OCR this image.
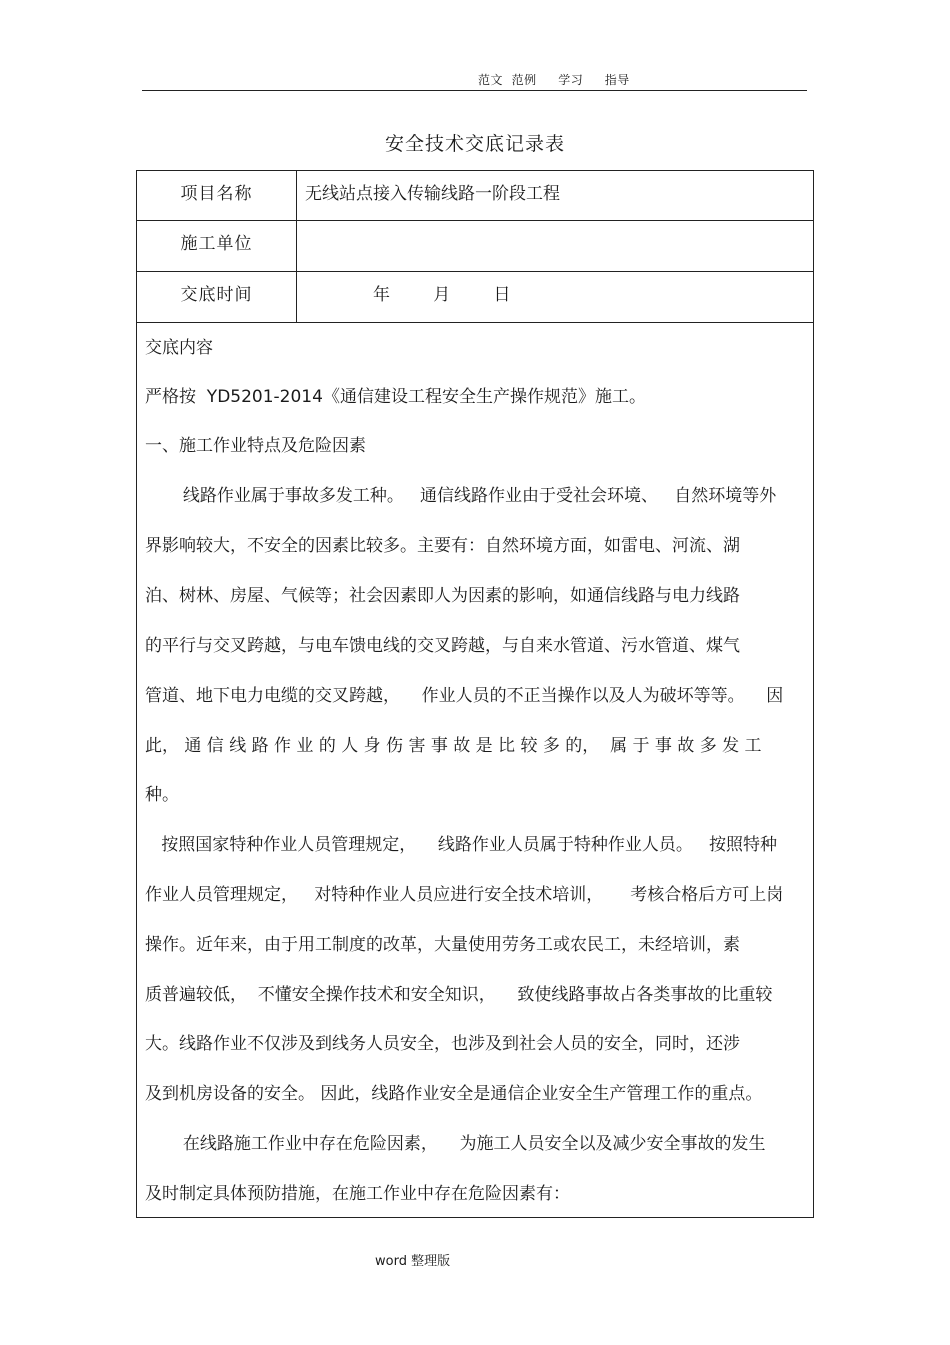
范文  范例     学习     指导
安全技术交底记录表
项目名称	无线站点接入传输线路一阶段工程
施工单位
交底时间	年        月        日
交底内容
严格按  YD5201-2014《通信建设工程安全生产操作规范》施工。
一、施工作业特点及危险因素
线路作业属于事故多发工种。   通信线路作业由于受社会环境、   自然环境等外
界影响较大，不安全的因素比较多。主要有：自然环境方面，如雷电、河流、湖
泊、树林、房屋、气候等；社会因素即人为因素的影响，如通信线路与电力线路
的平行与交叉跨越，与电车馈电线的交叉跨越，与自来水管道、污水管道、煤气
管道、地下电力电缆的交叉跨越，    作业人员的不正当操作以及人为破坏等等。    因
此， 通 信 线 路 作 业 的 人 身 伤 害 事 故 是 比 较 多 的，  属 于 事 故 多 发 工
种。
按照国家特种作业人员管理规定，    线路作业人员属于特种作业人员。   按照特种
作业人员管理规定，   对特种作业人员应进行安全技术培训，     考核合格后方可上岗
操作。近年来，由于用工制度的改革，大量使用劳务工或农民工，未经培训，素
质普遍较低，  不懂安全操作技术和安全知识，    致使线路事故占各类事故的比重较
大。线路作业不仅涉及到线务人员安全，也涉及到社会人员的安全，同时，还涉
及到机房设备的安全。 因此，线路作业安全是通信企业安全生产管理工作的重点。
在线路施工作业中存在危险因素，    为施工人员安全以及减少安全事故的发生
及时制定具体预防措施，在施工作业中存在危险因素有：
word 整理版
